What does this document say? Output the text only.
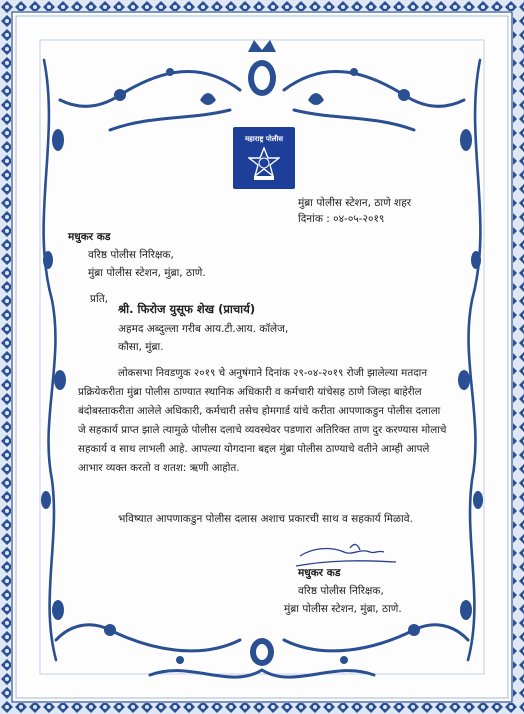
महाराष्ट्र पोलीस
मुंब्रा पोलीस स्टेशन, ठाणे शहर
दिनांक : ०४-०५-२०१९
मधुकर कड
वरिष्ठ पोलीस निरिक्षक,
मुंब्रा पोलीस स्टेशन, मुंब्रा, ठाणे.
प्रति,
श्री. फिरोज युसूफ शेख (प्राचार्य)
अहमद अब्दुल्ला गरीब आय.टी.आय. कॉलेज,
कौसा, मुंब्रा.
लोकसभा निवडणुक २०१९ चे अनुषंगाने दिनांक २९-०४-२०१९ रोजी झालेल्या मतदान प्रक्रियेकरीता मुंब्रा पोलीस ठाण्यात स्थानिक अधिकारी व कर्मचारी यांचेसह ठाणे जिल्हा बाहेरील बंदोबस्ताकरीता आलेले अधिकारी, कर्मचारी तसेच होमगार्ड यांचे करीता आपणाकडुन पोलीस दलाला जे सहकार्य प्राप्त झाले त्यामुळे पोलीस दलाचे व्यवस्थेवर पडणारा अतिरिक्त ताण दुर करण्यास मोलाचे सहकार्य व साथ लाभली आहे. आपल्या योगदाना बद्दल मुंब्रा पोलीस ठाण्याचे वतीने आम्ही आपले आभार व्यक्त करतो व शतश: ऋणी आहोत.
भविष्यात आपणाकडुन पोलीस दलास अशाच प्रकारची साथ व सहकार्य मिळावे.
मधुकर कड
वरिष्ठ पोलीस निरिक्षक,
मुंब्रा पोलीस स्टेशन, मुंब्रा, ठाणे.
